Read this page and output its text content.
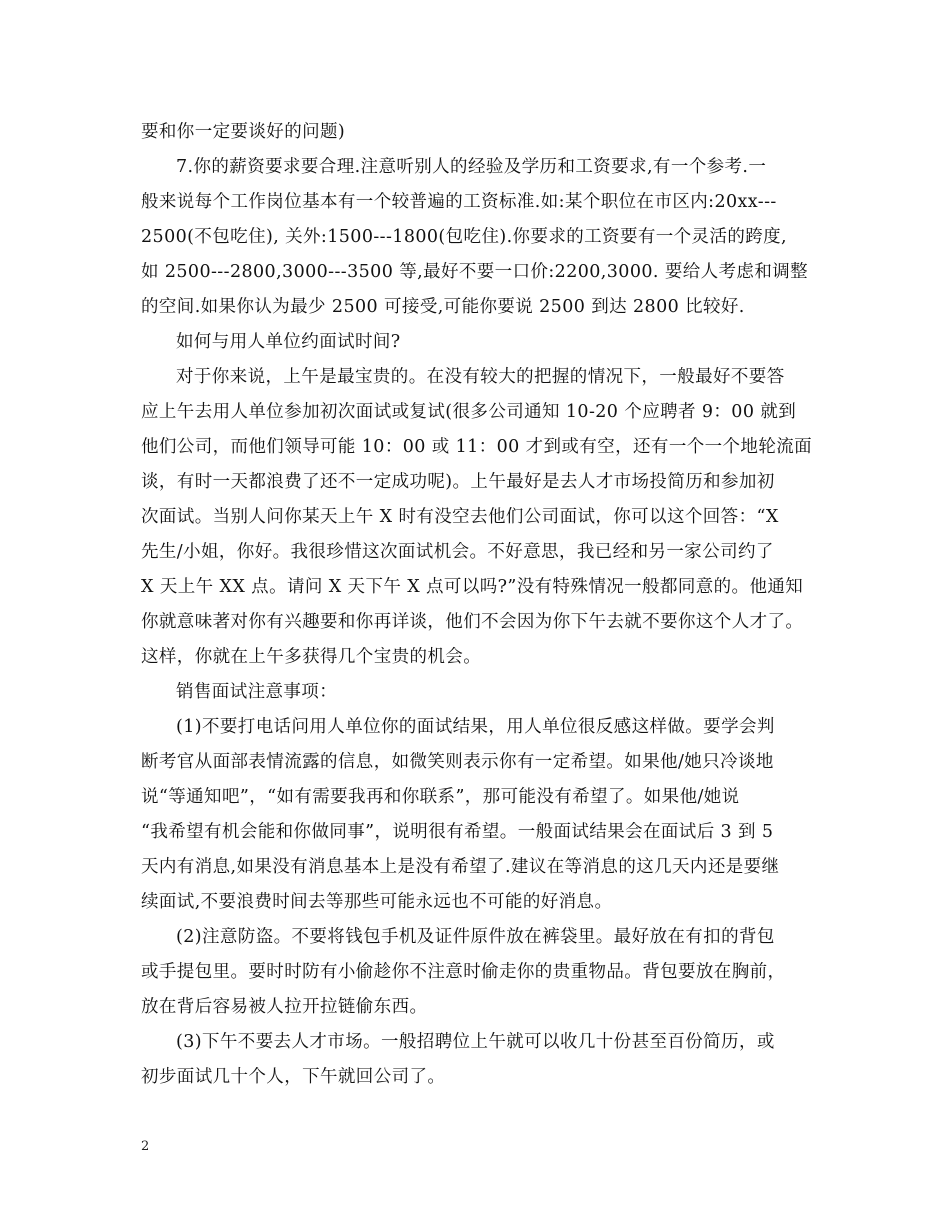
要和你一定要谈好的问题)
7.你的薪资要求要合理.注意听别人的经验及学历和工资要求,有一个参考.一
般来说每个工作岗位基本有一个较普遍的工资标准.如:某个职位在市区内:20xx---
2500(不包吃住), 关外:1500---1800(包吃住).你要求的工资要有一个灵活的跨度,
如 2500---2800,3000---3500 等,最好不要一口价:2200,3000. 要给人考虑和调整
的空间.如果你认为最少 2500 可接受,可能你要说 2500 到达 2800 比较好.
如何与用人单位约面试时间?
对于你来说，上午是最宝贵的。在没有较大的把握的情况下，一般最好不要答
应上午去用人单位参加初次面试或复试(很多公司通知 10-20 个应聘者 9：00 就到
他们公司，而他们领导可能 10：00 或 11：00 才到或有空，还有一个一个地轮流面
谈，有时一天都浪费了还不一定成功呢)。上午最好是去人才市场投简历和参加初
次面试。当别人问你某天上午 X 时有没空去他们公司面试，你可以这个回答：“X
先生/小姐，你好。我很珍惜这次面试机会。不好意思，我已经和另一家公司约了
X 天上午 XX 点。请问 X 天下午 X 点可以吗?”没有特殊情况一般都同意的。他通知
你就意味著对你有兴趣要和你再详谈，他们不会因为你下午去就不要你这个人才了。
这样，你就在上午多获得几个宝贵的机会。
销售面试注意事项：
(1)不要打电话问用人单位你的面试结果，用人单位很反感这样做。要学会判
断考官从面部表情流露的信息，如微笑则表示你有一定希望。如果他/她只冷谈地
说“等通知吧”，“如有需要我再和你联系”，那可能没有希望了。如果他/她说
“我希望有机会能和你做同事”，说明很有希望。一般面试结果会在面试后 3 到 5
天内有消息,如果没有消息基本上是没有希望了.建议在等消息的这几天内还是要继
续面试,不要浪费时间去等那些可能永远也不可能的好消息。
(2)注意防盗。不要将钱包手机及证件原件放在裤袋里。最好放在有扣的背包
或手提包里。要时时防有小偷趁你不注意时偷走你的贵重物品。背包要放在胸前，
放在背后容易被人拉开拉链偷东西。
(3)下午不要去人才市场。一般招聘位上午就可以收几十份甚至百份简历，或
初步面试几十个人，下午就回公司了。
2
